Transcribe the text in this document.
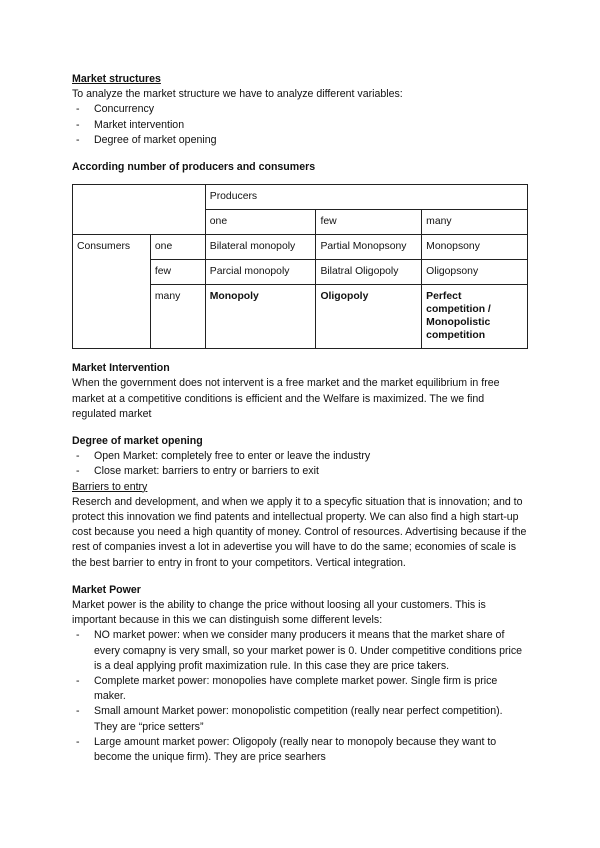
Market structures

To analyze the market structure we have to analyze different variables:

- Concurrency
- Market intervention
- Degree of market opening

According number of producers and consumers

		Producers		
		one	few	many
Consumers	one	Bilateral monopoly	Partial Monopsony	Monopsony
	few	Parcial monopoly	Bilatral Oligopoly	Oligopsony
	many	Monopoly	Oligopoly	Perfect competition / Monopolistic competition

Market Intervention

When the government does not intervent is a free market and the market equilibrium in free market at a competitive conditions is efficient and the Welfare is maximized. The we find regulated market

Degree of market opening

- Open Market: completely free to enter or leave the industry
- Close market: barriers to entry or barriers to exit

Barriers to entry

Reserch and development, and when we apply it to a specyfic situation that is innovation; and to protect this innovation we find patents and intellectual property. We can also find a high start-up cost because you need a high quantity of money. Control of resources. Advertising because if the rest of companies invest a lot in adevertise you will have to do the same; economies of scale is the best barrier to entry in front to your competitors. Vertical integration.

Market Power

Market power is the ability to change the price without loosing all your customers. This is important because in this we can distinguish some different levels:

- NO market power: when we consider many producers it means that the market share of every comapny is very small, so your market power is 0. Under competitive conditions price is a deal applying profit maximization rule. In this case they are price takers.
- Complete market power: monopolies have complete market power. Single firm is price maker.
- Small amount Market power: monopolistic competition (really near perfect competition). They are “price setters”
- Large amount market power: Oligopoly (really near to monopoly because they want to become the unique firm). They are price searhers
